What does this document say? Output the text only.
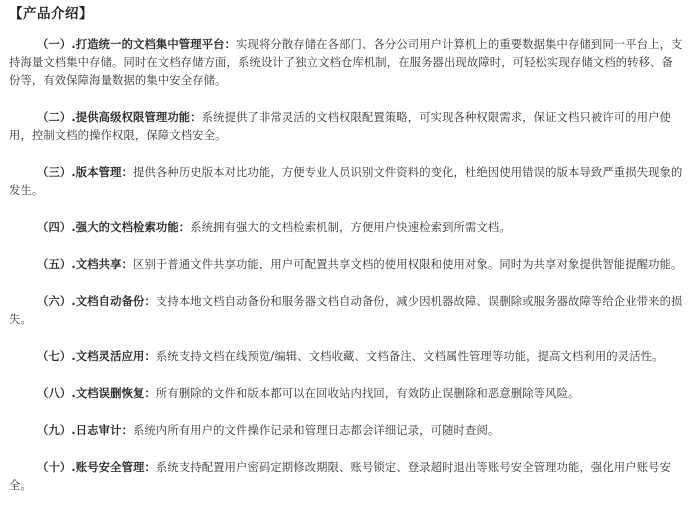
【产品介绍】

（一）.打造统一的文档集中管理平台：实现将分散存储在各部门、各分公司用户计算机上的重要数据集中存储到同一平台上，支持海量文档集中存储。同时在文档存储方面，系统设计了独立文档仓库机制，在服务器出现故障时，可轻松实现存储文档的转移、备份等，有效保障海量数据的集中安全存储。

（二）.提供高级权限管理功能：系统提供了非常灵活的文档权限配置策略，可实现各种权限需求，保证文档只被许可的用户使用，控制文档的操作权限，保障文档安全。

（三）.版本管理：提供各种历史版本对比功能，方便专业人员识别文件资料的变化，杜绝因使用错误的版本导致严重损失现象的发生。

（四）.强大的文档检索功能：系统拥有强大的文档检索机制，方便用户快速检索到所需文档。

（五）.文档共享：区别于普通文件共享功能，用户可配置共享文档的使用权限和使用对象。同时为共享对象提供智能提醒功能。

（六）.文档自动备份：支持本地文档自动备份和服务器文档自动备份，减少因机器故障、误删除或服务器故障等给企业带来的损失。

（七）.文档灵活应用：系统支持文档在线预览/编辑、文档收藏、文档备注、文档属性管理等功能，提高文档利用的灵活性。

（八）.文档误删恢复：所有删除的文件和版本都可以在回收站内找回，有效防止误删除和恶意删除等风险。

（九）.日志审计：系统内所有用户的文件操作记录和管理日志都会详细记录，可随时查阅。

（十）.账号安全管理：系统支持配置用户密码定期修改期限、账号锁定、登录超时退出等账号安全管理功能，强化用户账号安全。
